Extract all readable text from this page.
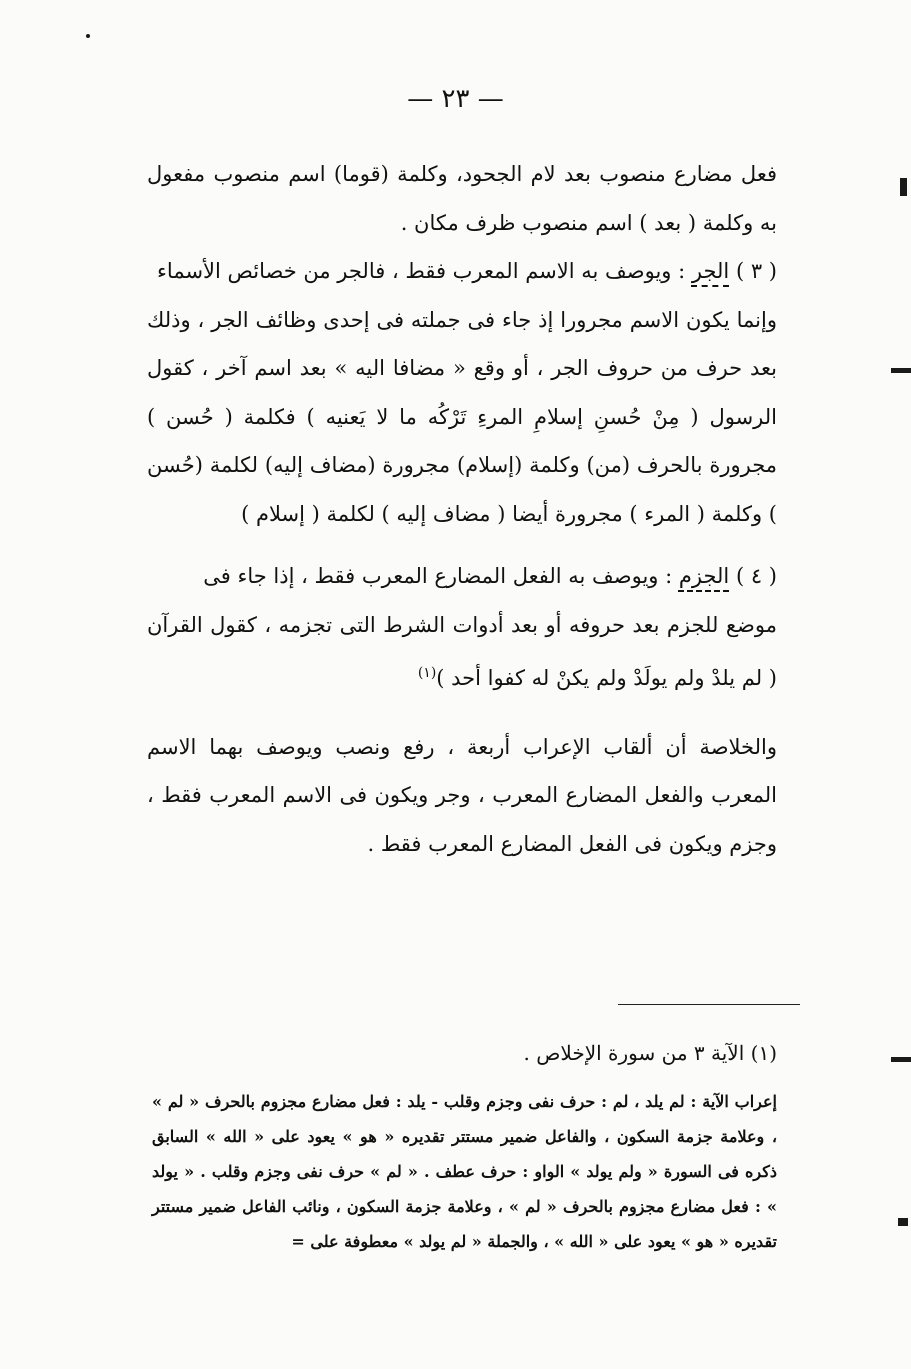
— ٢٣ —

فعل مضارع منصوب بعد لام الجحود، وكلمة (قوما) اسم منصوب مفعول به وكلمة ( بعد ) اسم منصوب ظرف مكان .

( ٣ ) الجر : ويوصف به الاسم المعرب فقط ، فالجر من خصائص الأسماء

وإنما يكون الاسم مجرورا إذ جاء فى جملته فى إحدى وظائف الجر ، وذلك بعد حرف من حروف الجر ، أو وقع « مضافا اليه » بعد اسم آخر ، كقول الرسول ( مِنْ حُسنِ إسلامِ المرءِ تَرْكُه ما لا يَعنيه ) فكلمة ( حُسن ) مجرورة بالحرف (من) وكلمة (إسلام) مجرورة (مضاف إليه) لكلمة (حُسن ) وكلمة ( المرء ) مجرورة أيضا ( مضاف إليه ) لكلمة ( إسلام )

( ٤ ) الجزم : ويوصف به الفعل المضارع المعرب فقط ، إذا جاء فى

موضع للجزم بعد حروفه أو بعد أدوات الشرط التى تجزمه ، كقول القرآن ( لم يلدْ ولم يولَدْ ولم يكنْ له كفوا أحد )$^{(١)}$

والخلاصة أن ألقاب الإعراب أربعة ، رفع ونصب ويوصف بهما الاسم المعرب والفعل المضارع المعرب ، وجر ويكون فى الاسم المعرب فقط ، وجزم ويكون فى الفعل المضارع المعرب فقط .

(١) الآية ٣ من سورة الإخلاص .

إعراب الآية : لم يلد ، لم : حرف نفى وجزم وقلب - يلد : فعل مضارع مجزوم بالحرف « لم » ، وعلامة جزمة السكون ، والفاعل ضمير مستتر تقديره « هو » يعود على « الله » السابق ذكره فى السورة « ولم يولد » الواو : حرف عطف . « لم » حرف نفى وجزم وقلب . « يولد » : فعل مضارع مجزوم بالحرف « لم » ، وعلامة جزمة السكون ، ونائب الفاعل ضمير مستتر تقديره « هو » يعود على « الله » ، والجملة « لم يولد » معطوفة على =
